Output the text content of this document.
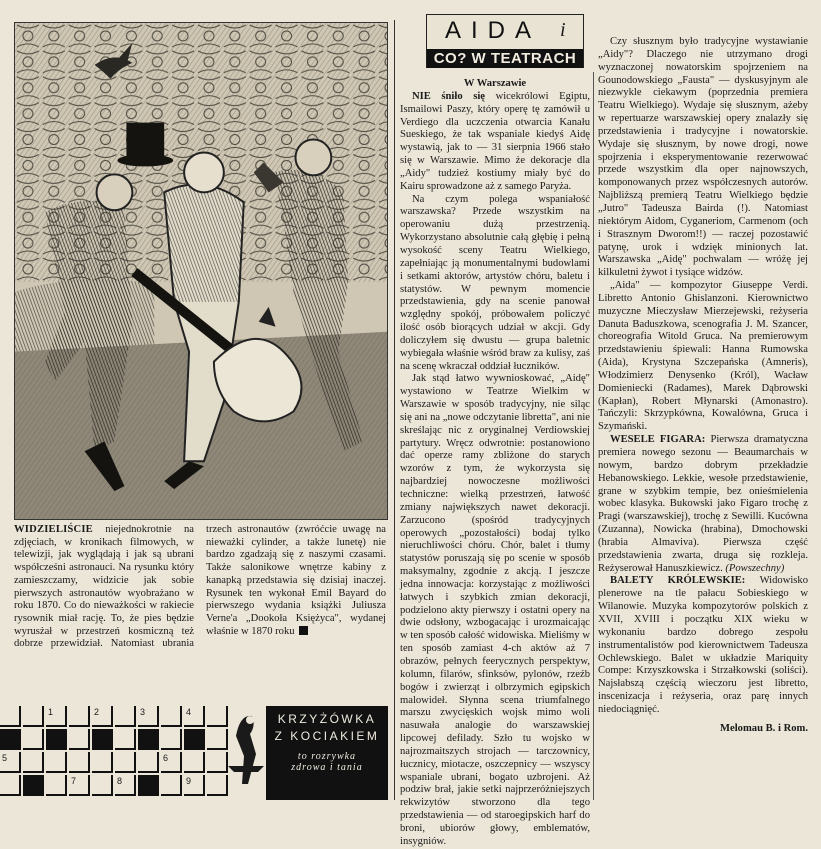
WIDZIELIŚCIE niejednokrotnie na zdjęciach, w kronikach filmowych, w telewizji, jak wyglądają i jak są ubrani współcześni astronauci. Na rysunku który zamieszczamy, widzicie jak sobie pierwszych astronautów wyobrażano w roku 1870. Co do nieważkości w rakiecie rysownik miał rację. To, że pies będzie wyrusżał w przestrzeń kosmiczną też dobrze przewidział. Natomiast ubrania trzech astronautów (zwróćcie uwagę na nieważki cylinder, a także lunetę) nie bardzo zgadzają się z naszymi czasami. Także salonikowe wnętrze kabiny z kanapką przedstawia się dzisiaj inaczej. Rysunek ten wykonał Emil Bayard do pierwszego wydania książki Juliusza Verne'a „Dookoła Księżyca", wydanej właśnie w 1870 roku
1	2	3	4
5	6
7	8	9
KRZYŻÓWKA
Z KOCIAKIEM
to rozrywka
zdrowa i tania
AIDA i
CO? W TEATRACH

W Warszawie

NIE śniło się wicekrólowi Egiptu, Ismailowi Paszy, który operę tę zamówił u Verdiego dla uczczenia otwarcia Kanału Sueskiego, że tak wspaniale kiedyś Aidę wystawią, jak to — 31 sierpnia 1966 stało się w Warszawie. Mimo że dekoracje dla „Aidy" tudzież kostiumy miały być do Kairu sprowadzone aż z samego Paryża.

Na czym polega wspaniałość warszawska? Przede wszystkim na operowaniu dużą przestrzenią. Wykorzystano absolutnie całą głębię i pełną wysokość sceny Teatru Wielkiego, zapełniając ją monumentalnymi budowlami i setkami aktorów, artystów chóru, baletu i statystów. W pewnym momencie przedstawienia, gdy na scenie panował względny spokój, próbowałem policzyć ilość osób biorących udział w akcji. Gdy doliczyłem się dwustu — grupa baletnic wybiegała właśnie wśród braw za kulisy, zaś na scenę wkraczał oddział łuczników.

Jak stąd łatwo wywnioskować, „Aidę" wystawiono w Teatrze Wielkim w Warszawie w sposób tradycyjny, nie siląc się ani na „nowe odczytanie libretta", ani nie skreślając nic z oryginalnej Verdiowskiej partytury. Wręcz odwrotnie: postanowiono dać operze ramy zbliżone do starych wzorów z tym, że wykorzysta się najbardziej nowoczesne możliwości techniczne: wielką przestrzeń, łatwość zmiany największych nawet dekoracji. Zarzucono (spośród tradycyjnych operowych „pozostałości) bodaj tylko nieruchliwości chóru. Chór, balet i tłumy statystów poruszają się po scenie w sposób maksymalny, zgodnie z akcją. I jeszcze jedna innowacja: korzystając z możliwości łatwych i szybkich zmian dekoracji, podzielono akty pierwszy i ostatni opery na dwie odsłony, wzbogacając i urozmaicając w ten sposób całość widowiska. Mieliśmy w ten sposób zamiast 4-ch aktów aż 7 obrazów, pełnych feerycznych perspektyw, kolumn, filarów, sfinksów, pylonów, rzeźb bogów i zwierząt i olbrzymich egipskich malowideł. Słynna scena triumfalnego marszu zwycięskich wojsk mimo woli nasuwała analogie do warszawskiej lipcowej defilady. Szło tu wojsko w najrozmaitszych strojach — tarczownicy, łucznicy, miotacze, oszczepnicy — wszyscy wspaniale ubrani, bogato uzbrojeni. Aż podziw brał, jakie setki najprzeróżniejszych rekwizytów stworzono dla tego przedstawienia — od staroegipskich harf do broni, ubiorów głowy, emblematów, insygniów.

Czy słusznym było tradycyjne wystawianie „Aidy"? Dlaczego nie utrzymano drogi wyznaczonej nowatorskim spojrzeniem na Gounodowskiego „Fausta" — dyskusyjnym ale niezwykle ciekawym (poprzednia premiera Teatru Wielkiego). Wydaje się słusznym, ażeby w repertuarze warszawskiej opery znalazły się przedstawienia i tradycyjne i nowatorskie. Wydaje się słusznym, by nowe drogi, nowe spojrzenia i eksperymentowanie rezerwować przede wszystkim dla oper najnowszych, komponowanych przez współczesnych autorów. Najbliższą premierą Teatru Wielkiego będzie „Jutro" Tadeusza Bairda (!). Natomiast niektórym Aidom, Cyganeriom, Carmenom (och i Strasznym Dworom!!) — raczej pozostawić patynę, urok i wdzięk minionych lat. Warszawska „Aidę" pochwalam — wróżę jej kilkuletni żywot i tysiące widzów.

„Aida" — kompozytor Giuseppe Verdi. Libretto Antonio Ghislanzoni. Kierownictwo muzyczne Mieczysław Mierzejewski, reżyseria Danuta Baduszkowa, scenografia J. M. Szancer, choreografia Witold Gruca. Na premierowym przedstawieniu śpiewali: Hanna Rumowska (Aida), Krystyna Szczepańska (Amneris), Włodzimierz Denysenko (Król), Wacław Domieniecki (Radames), Marek Dąbrowski (Kapłan), Robert Młynarski (Amonastro). Tańczyli: Skrzypkówna, Kowalówna, Gruca i Szymański.

WESELE FIGARA: Pierwsza dramatyczna premiera nowego sezonu — Beaumarchais w nowym, bardzo dobrym przekładzie Hebanowskiego. Lekkie, wesołe przedstawienie, grane w szybkim tempie, bez onieśmielenia wobec klasyka. Bukowski jako Figaro trochę z Pragi (warszawskiej), trochę z Sewilli. Kucówna (Zuzanna), Nowicka (hrabina), Dmochowski (hrabia Almaviva). Pierwsza część przedstawienia zwarta, druga się rozkleja. Reżyserował Hanuszkiewicz. (Powszechny)

BALETY KRÓLEWSKIE: Widowisko plenerowe na tle pałacu Sobieskiego w Wilanowie. Muzyka kompozytorów polskich z XVII, XVIII i początku XIX wieku w wykonaniu bardzo dobrego zespołu instrumentalistów pod kierownictwem Tadeusza Ochlewskiego. Balet w układzie Mariquity Compe: Krzyszkowska i Strzałkowski (soliści). Najsłabszą częścią wieczoru jest libretto, inscenizacja i reżyseria, oraz parę innych niedociągnięć.

Melomau B. i Rom.
